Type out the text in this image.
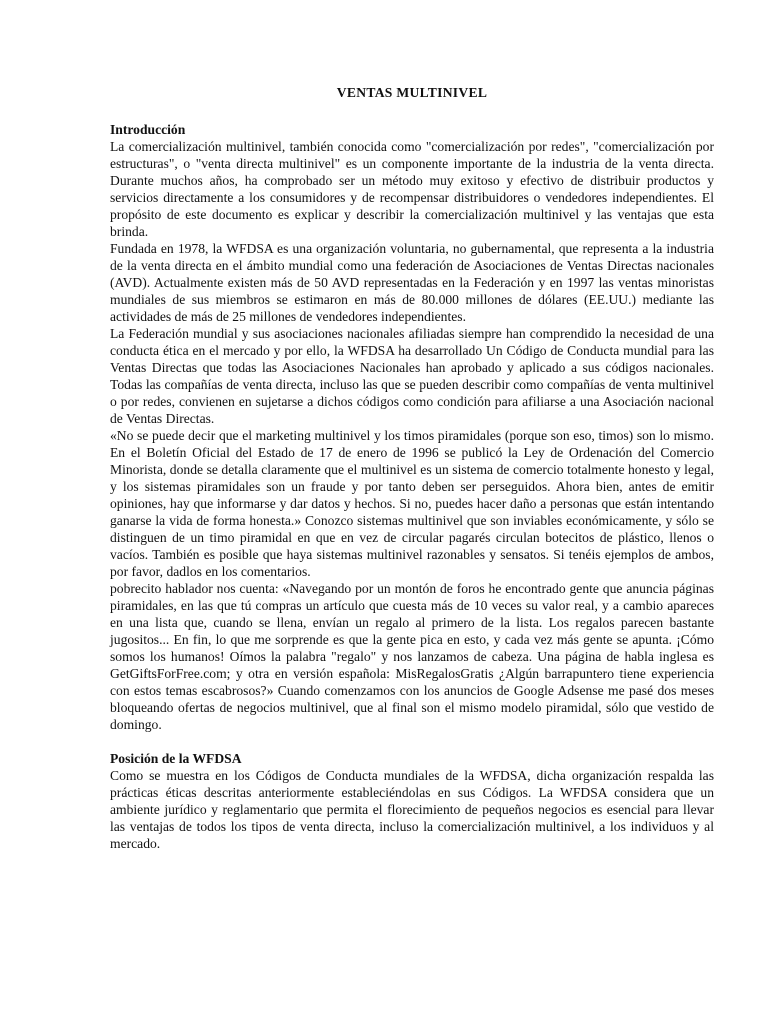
VENTAS MULTINIVEL
Introducción

La comercialización multinivel, también conocida como "comercialización por redes", "comercialización por estructuras", o "venta directa multinivel" es un componente importante de la industria de la venta directa. Durante muchos años, ha comprobado ser un método muy exitoso y efectivo de distribuir productos y servicios directamente a los consumidores y de recompensar distribuidores o vendedores independientes. El propósito de este documento es explicar y describir la comercialización multinivel y las ventajas que esta brinda.

Fundada en 1978, la WFDSA es una organización voluntaria, no gubernamental, que representa a la industria de la venta directa en el ámbito mundial como una federación de Asociaciones de Ventas Directas nacionales (AVD). Actualmente existen más de 50 AVD representadas en la Federación y en 1997 las ventas minoristas mundiales de sus miembros se estimaron en más de 80.000 millones de dólares (EE.UU.) mediante las actividades de más de 25 millones de vendedores independientes.

La Federación mundial y sus asociaciones nacionales afiliadas siempre han comprendido la necesidad de una conducta ética en el mercado y por ello, la WFDSA ha desarrollado Un Código de Conducta mundial para las Ventas Directas que todas las Asociaciones Nacionales han aprobado y aplicado a sus códigos nacionales. Todas las compañías de venta directa, incluso las que se pueden describir como compañías de venta multinivel o por redes, convienen en sujetarse a dichos códigos como condición para afiliarse a una Asociación nacional de Ventas Directas.

«No se puede decir que el marketing multinivel y los timos piramidales (porque son eso, timos) son lo mismo. En el Boletín Oficial del Estado de 17 de enero de 1996 se publicó la Ley de Ordenación del Comercio Minorista, donde se detalla claramente que el multinivel es un sistema de comercio totalmente honesto y legal, y los sistemas piramidales son un fraude y por tanto deben ser perseguidos. Ahora bien, antes de emitir opiniones, hay que informarse y dar datos y hechos. Si no, puedes hacer daño a personas que están intentando ganarse la vida de forma honesta.» Conozco sistemas multinivel que son inviables económicamente, y sólo se distinguen de un timo piramidal en que en vez de circular pagarés circulan botecitos de plástico, llenos o vacíos. También es posible que haya sistemas multinivel razonables y sensatos. Si tenéis ejemplos de ambos, por favor, dadlos en los comentarios.

pobrecito hablador nos cuenta: «Navegando por un montón de foros he encontrado gente que anuncia páginas piramidales, en las que tú compras un artículo que cuesta más de 10 veces su valor real, y a cambio apareces en una lista que, cuando se llena, envían un regalo al primero de la lista. Los regalos parecen bastante jugositos... En fin, lo que me sorprende es que la gente pica en esto, y cada vez más gente se apunta. ¡Cómo somos los humanos! Oímos la palabra "regalo" y nos lanzamos de cabeza. Una página de habla inglesa es GetGiftsForFree.com; y otra en versión española: MisRegalosGratis ¿Algún barrapuntero tiene experiencia con estos temas escabrosos?» Cuando comenzamos con los anuncios de Google Adsense me pasé dos meses bloqueando ofertas de negocios multinivel, que al final son el mismo modelo piramidal, sólo que vestido de domingo.

Posición de la WFDSA

Como se muestra en los Códigos de Conducta mundiales de la WFDSA, dicha organización respalda las prácticas éticas descritas anteriormente estableciéndolas en sus Códigos. La WFDSA considera que un ambiente jurídico y reglamentario que permita el florecimiento de pequeños negocios es esencial para llevar las ventajas de todos los tipos de venta directa, incluso la comercialización multinivel, a los individuos y al mercado.
